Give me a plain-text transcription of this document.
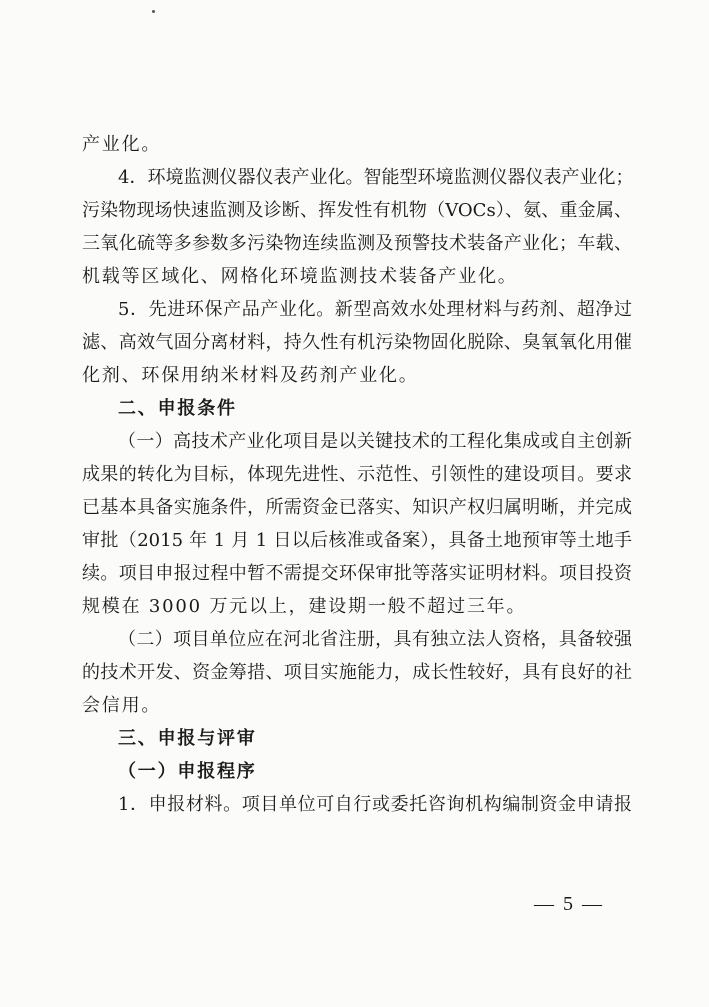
产业化。
4．环境监测仪器仪表产业化。智能型环境监测仪器仪表产业化；
污染物现场快速监测及诊断、挥发性有机物（VOCs）、氨、重金属、
三氧化硫等多参数多污染物连续监测及预警技术装备产业化；车载、
机载等区域化、网格化环境监测技术装备产业化。
5．先进环保产品产业化。新型高效水处理材料与药剂、超净过
滤、高效气固分离材料，持久性有机污染物固化脱除、臭氧氧化用催
化剂、环保用纳米材料及药剂产业化。
二、申报条件
（一）高技术产业化项目是以关键技术的工程化集成或自主创新
成果的转化为目标，体现先进性、示范性、引领性的建设项目。要求
已基本具备实施条件，所需资金已落实、知识产权归属明晰，并完成
审批（2015 年 1 月 1 日以后核准或备案），具备土地预审等土地手
续。项目申报过程中暂不需提交环保审批等落实证明材料。项目投资
规模在 3000 万元以上，建设期一般不超过三年。
（二）项目单位应在河北省注册，具有独立法人资格，具备较强
的技术开发、资金筹措、项目实施能力，成长性较好，具有良好的社
会信用。
三、申报与评审
（一）申报程序
1．申报材料。项目单位可自行或委托咨询机构编制资金申请报
— 5 —
